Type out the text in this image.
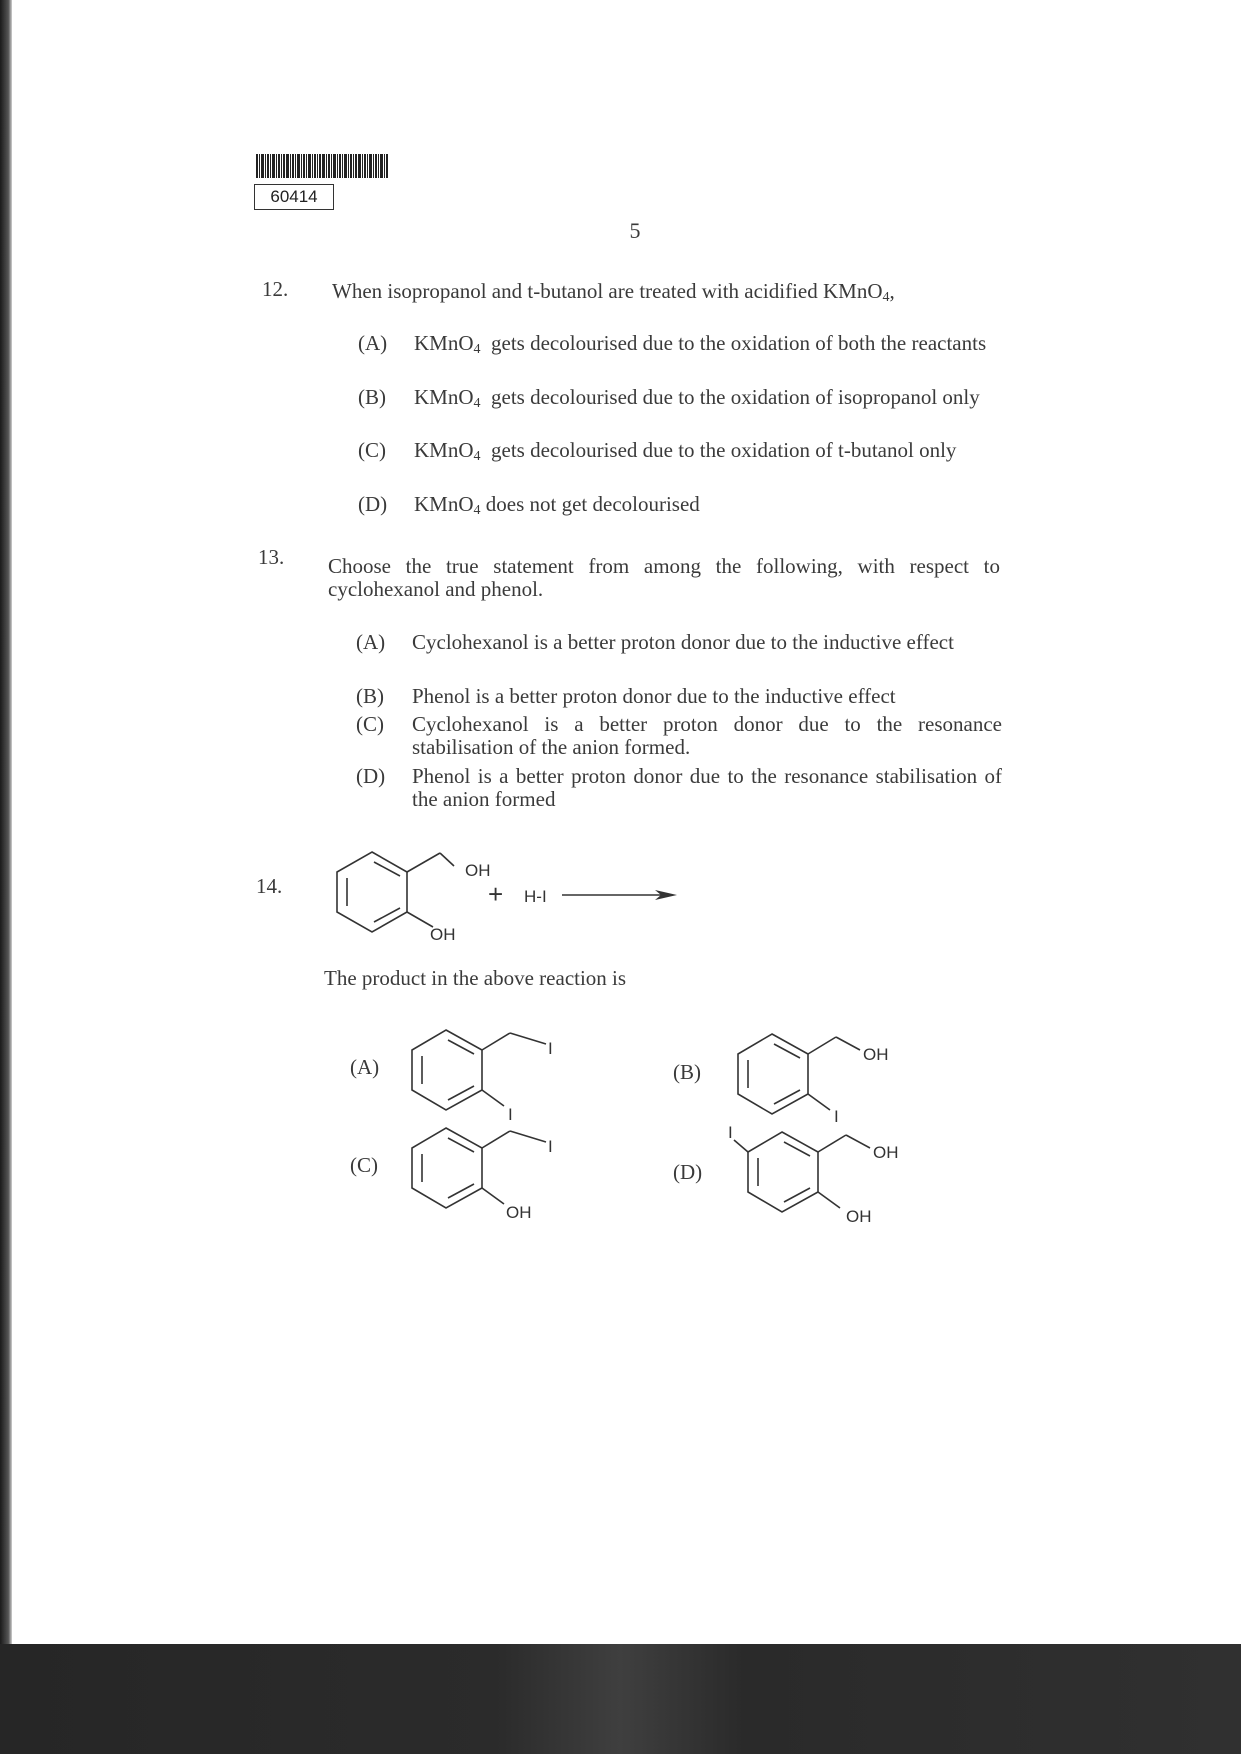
60414
5
12. When isopropanol and t-butanol are treated with acidified KMnO$_4$,
(A) KMnO$_4$ gets decolourised due to the oxidation of both the reactants
(B) KMnO$_4$ gets decolourised due to the oxidation of isopropanol only
(C) KMnO$_4$ gets decolourised due to the oxidation of t-butanol only
(D) KMnO$_4$ does not get decolourised
13. Choose the true statement from among the following, with respect to cyclohexanol and phenol.
(A) Cyclohexanol is a better proton donor due to the inductive effect
(B) Phenol is a better proton donor due to the inductive effect
(C) Cyclohexanol is a better proton donor due to the resonance stabilisation of the anion formed.
(D) Phenol is a better proton donor due to the resonance stabilisation of the anion formed
14.
OH
OH
+ H-I
The product in the above reaction is
(A)
I
I
(B)
OH
I
(C)
I
OH
(D)
I
OH
OH
